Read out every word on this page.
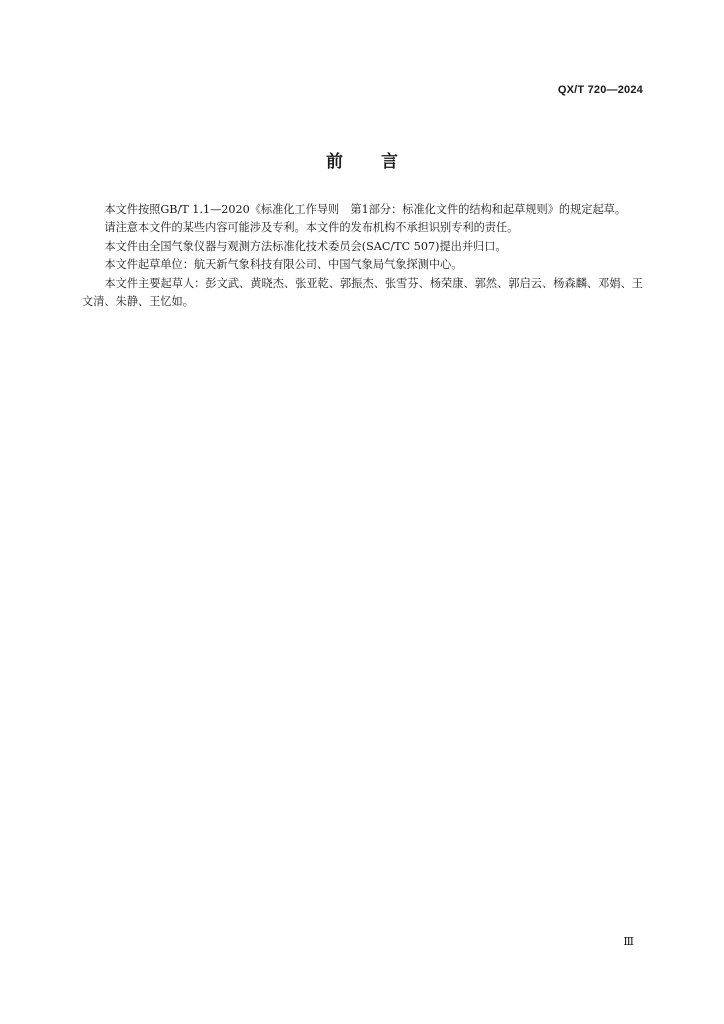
QX/T 720—2024
前言

本文件按照GB/T 1.1—2020《标准化工作导则　第1部分：标准化文件的结构和起草规则》的规定起草。

请注意本文件的某些内容可能涉及专利。本文件的发布机构不承担识别专利的责任。

本文件由全国气象仪器与观测方法标准化技术委员会(SAC/TC 507)提出并归口。

本文件起草单位：航天新气象科技有限公司、中国气象局气象探测中心。

本文件主要起草人：彭文武、黄晓杰、张亚乾、郭振杰、张雪芬、杨荣康、郭然、郭启云、杨森麟、邓娟、王文清、朱静、王忆如。

Ⅲ
